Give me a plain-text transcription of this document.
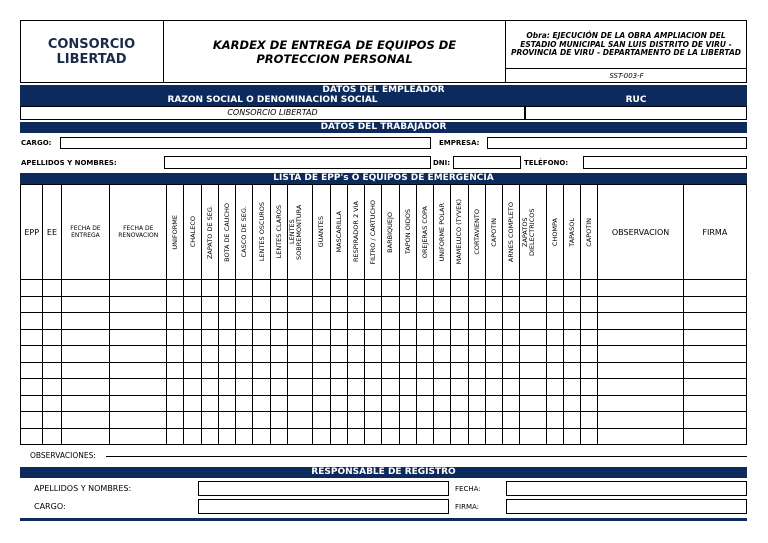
CONSORCIO LIBERTAD
KARDEX DE ENTREGA DE EQUIPOS DE PROTECCION PERSONAL
Obra: EJECUCIÓN DE LA OBRA AMPLIACION DEL ESTADIO MUNICIPAL SAN LUIS DISTRITO DE VIRU - PROVINCIA DE VIRU - DEPARTAMENTO DE LA LIBERTAD
SST-003-F
DATOS DEL EMPLEADOR
RAZON SOCIAL O DENOMINACION SOCIAL	RUC
CONSORCIO LIBERTAD
DATOS DEL TRABAJADOR
CARGO:	EMPRESA:
APELLIDOS Y NOMBRES:	DNI:	TELÉFONO:
LISTA DE EPP's O EQUIPOS DE EMERGENCIA
EPP	EE	FECHA DE ENTREGA	FECHA DE RENOVACION	UNIFORME	CHALECO	ZAPATO DE SEG.	BOTA DE CAUCHO	CASCO DE SEG.	LENTES OSCUROS	LENTES CLAROS	LENTES SOBREMONTURA	GUANTES	MASCARILLA	RESPIRADOR 2 VIA	FILTRO / CARTUCHO	BARBIQUEJO	TAPON OIDOS	OREJERAS COPA	UNIFORME POLAR	MAMELUCO (TYVEK)	CORTAVIENTO	CAPOTIN	ARNES COMPLETO	ZAPATOS DIELECTRICOS	CHOMPA	TAPASOL	CAPOTIN	OBSERVACION	FIRMA

OBSERVACIONES:
RESPONSABLE DE REGISTRO
APELLIDOS Y NOMBRES:	FECHA:
CARGO:	FIRMA:
